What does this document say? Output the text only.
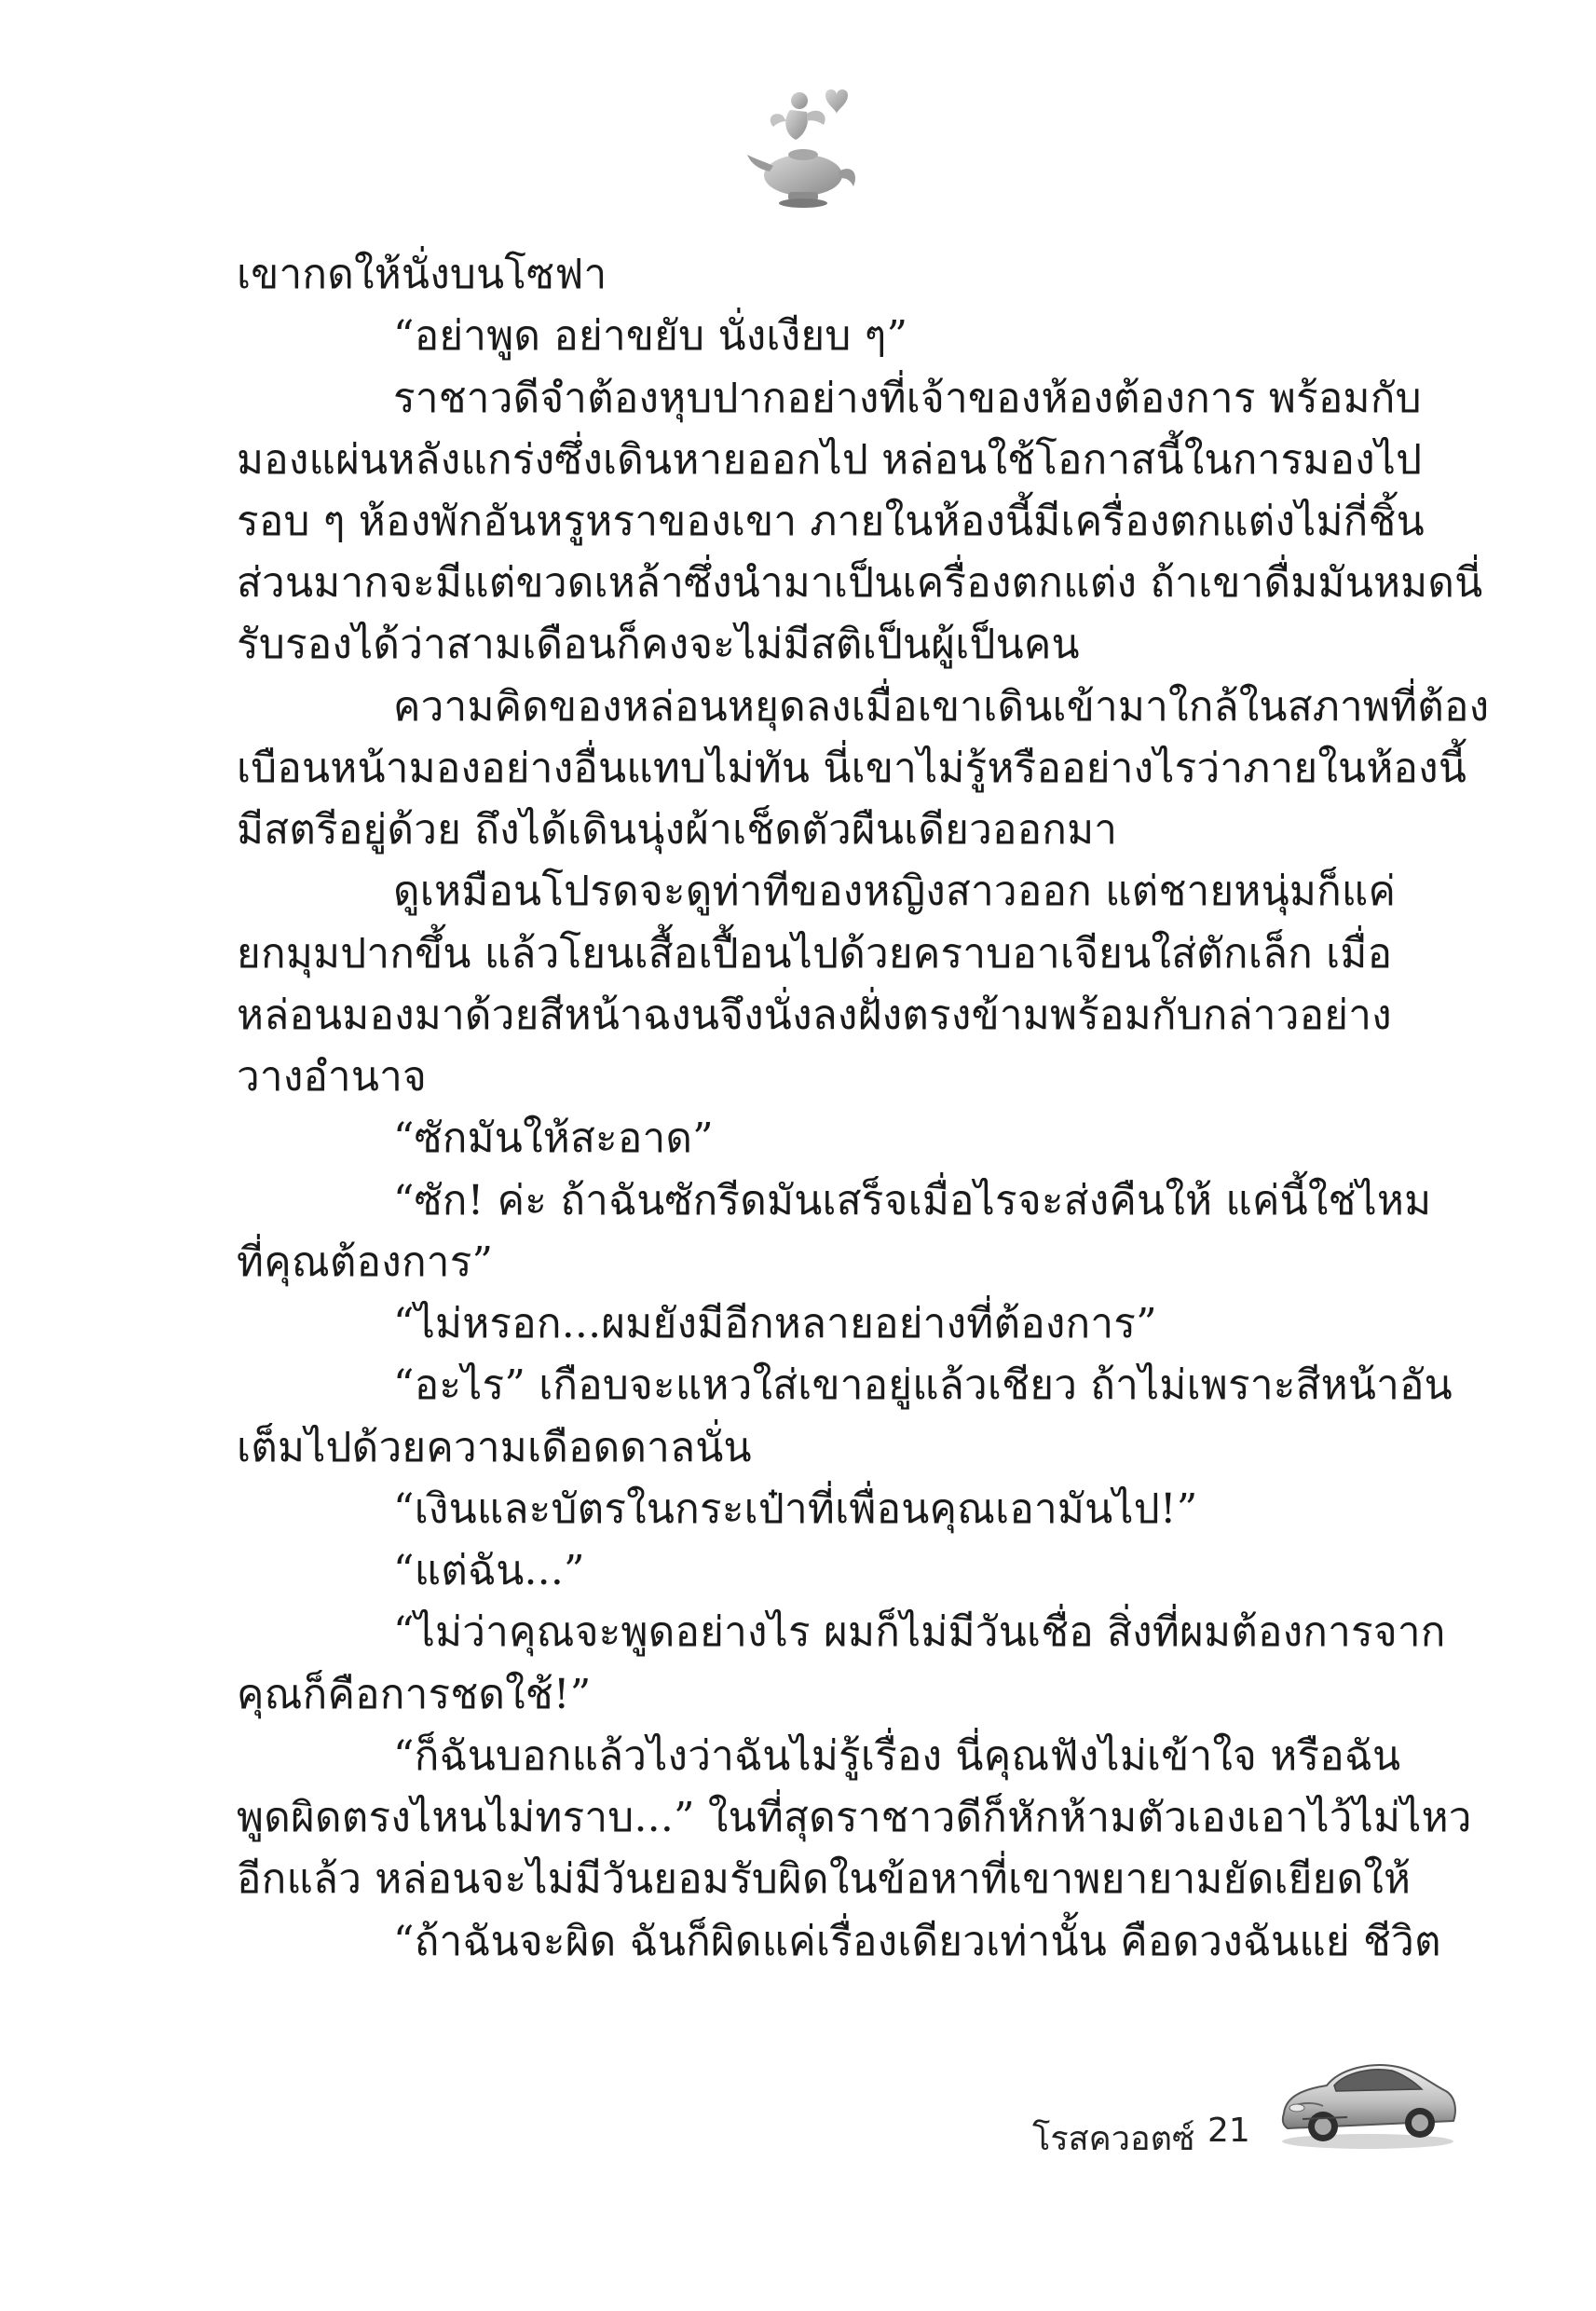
เขากดให้นั่งบนโซฟา
“อย่าพูด อย่าขยับ นั่งเงียบ ๆ”
ราชาวดีจำต้องหุบปากอย่างที่เจ้าของห้องต้องการ พร้อมกับ
มองแผ่นหลังแกร่งซึ่งเดินหายออกไป หล่อนใช้โอกาสนี้ในการมองไป
รอบ ๆ ห้องพักอันหรูหราของเขา ภายในห้องนี้มีเครื่องตกแต่งไม่กี่ชิ้น
ส่วนมากจะมีแต่ขวดเหล้าซึ่งนำมาเป็นเครื่องตกแต่ง ถ้าเขาดื่มมันหมดนี่
รับรองได้ว่าสามเดือนก็คงจะไม่มีสติเป็นผู้เป็นคน
ความคิดของหล่อนหยุดลงเมื่อเขาเดินเข้ามาใกล้ในสภาพที่ต้อง
เบือนหน้ามองอย่างอื่นแทบไม่ทัน นี่เขาไม่รู้หรืออย่างไรว่าภายในห้องนี้
มีสตรีอยู่ด้วย ถึงได้เดินนุ่งผ้าเช็ดตัวผืนเดียวออกมา
ดูเหมือนโปรดจะดูท่าทีของหญิงสาวออก แต่ชายหนุ่มก็แค่
ยกมุมปากขึ้น แล้วโยนเสื้อเปื้อนไปด้วยคราบอาเจียนใส่ตักเล็ก เมื่อ
หล่อนมองมาด้วยสีหน้าฉงนจึงนั่งลงฝั่งตรงข้ามพร้อมกับกล่าวอย่าง
วางอำนาจ
“ซักมันให้สะอาด”
“ซัก! ค่ะ ถ้าฉันซักรีดมันเสร็จเมื่อไรจะส่งคืนให้ แค่นี้ใช่ไหม
ที่คุณต้องการ”
“ไม่หรอก...ผมยังมีอีกหลายอย่างที่ต้องการ”
“อะไร” เกือบจะแหวใส่เขาอยู่แล้วเชียว ถ้าไม่เพราะสีหน้าอัน
เต็มไปด้วยความเดือดดาลนั่น
“เงินและบัตรในกระเป๋าที่เพื่อนคุณเอามันไป!”
“แต่ฉัน...”
“ไม่ว่าคุณจะพูดอย่างไร ผมก็ไม่มีวันเชื่อ สิ่งที่ผมต้องการจาก
คุณก็คือการชดใช้!”
“ก็ฉันบอกแล้วไงว่าฉันไม่รู้เรื่อง นี่คุณฟังไม่เข้าใจ หรือฉัน
พูดผิดตรงไหนไม่ทราบ...” ในที่สุดราชาวดีก็หักห้ามตัวเองเอาไว้ไม่ไหว
อีกแล้ว หล่อนจะไม่มีวันยอมรับผิดในข้อหาที่เขาพยายามยัดเยียดให้
“ถ้าฉันจะผิด ฉันก็ผิดแค่เรื่องเดียวเท่านั้น คือดวงฉันแย่ ชีวิต
โรสควอตซ์ 21
